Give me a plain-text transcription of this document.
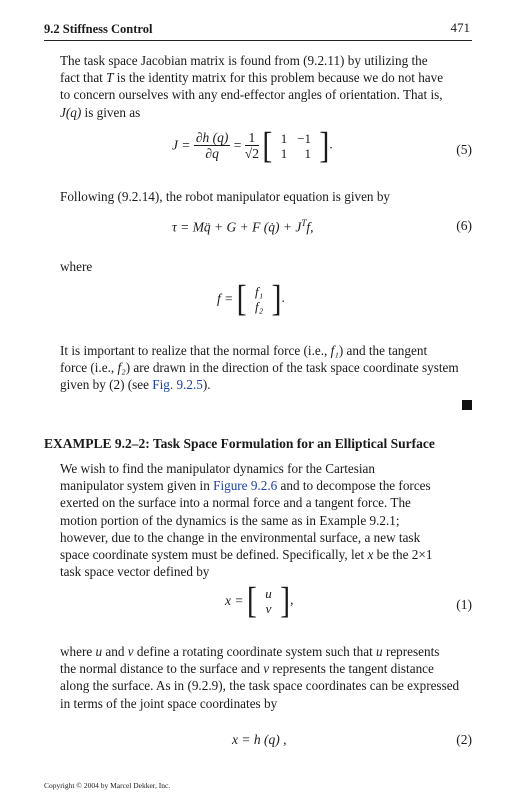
9.2 Stiffness Control	471
The task space Jacobian matrix is found from (9.2.11) by utilizing the
fact that T is the identity matrix for this problem because we do not have
to concern ourselves with any end-effector angles of orientation. That is,
J(q) is given as
$J = \frac{\partial h (q)}{\partial q} = \frac{1}{√2}$ [ 1	−1
1	1 ].	(5)
Following (9.2.14), the robot manipulator equation is given by
τ = Mq̈ + G + F (q̇) + $J^Tf$,	(6)
where
f = [ f₁
f₂ ].
It is important to realize that the normal force (i.e., f₁) and the tangent
force (i.e., f₂) are drawn in the direction of the task space coordinate system
given by (2) (see Fig. 9.2.5).
EXAMPLE 9.2–2: Task Space Formulation for an Elliptical Surface
We wish to find the manipulator dynamics for the Cartesian
manipulator system given in Figure 9.2.6 and to decompose the forces
exerted on the surface into a normal force and a tangent force. The
motion portion of the dynamics is the same as in Example 9.2.1;
however, due to the change in the environmental surface, a new task
space coordinate system must be defined. Specifically, let x be the 2×1
task space vector defined by
x = [ u
v ],	(1)
where u and v define a rotating coordinate system such that u represents
the normal distance to the surface and v represents the tangent distance
along the surface. As in (9.2.9), the task space coordinates can be expressed
in terms of the joint space coordinates by
x = h (q) ,	(2)
Copyright © 2004 by Marcel Dekker, Inc.
